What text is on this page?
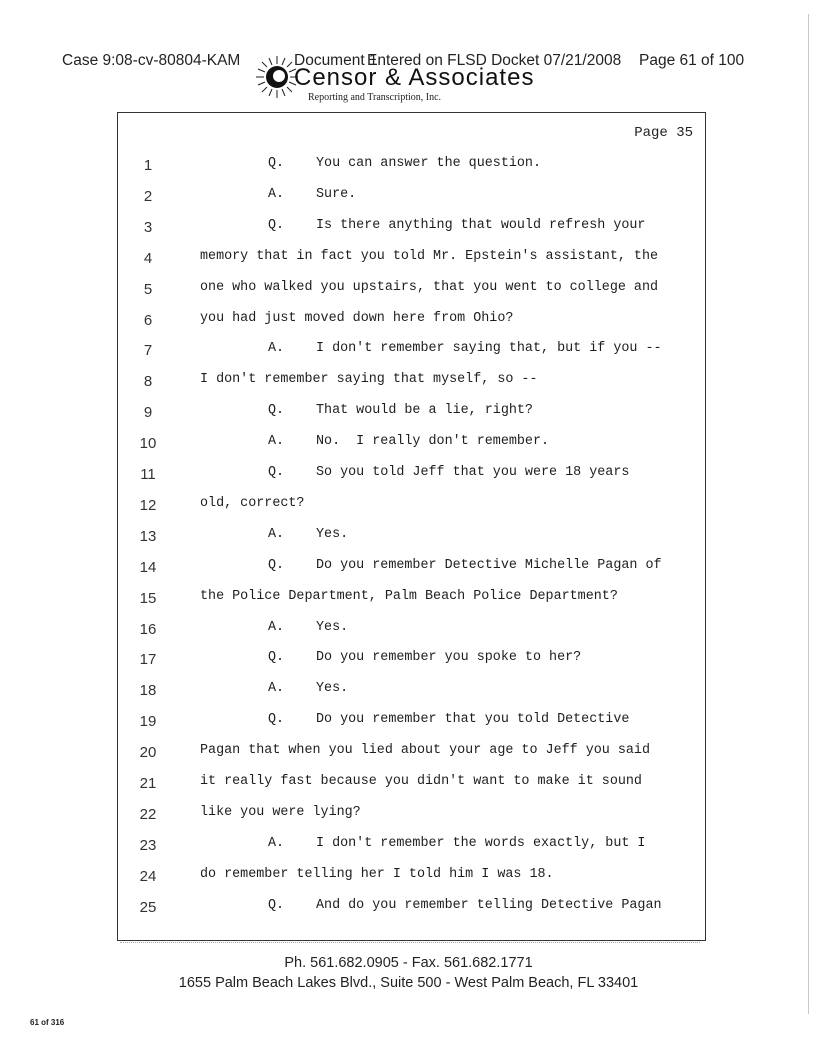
Case 9:08-cv-80804-KAM	Document 1
Entered on FLSD Docket 07/21/2008 Page 61 of 100
Censor & Associates
Reporting and Transcription, Inc.
Page 35
1	Q. You can answer the question.
2	A. Sure.
3	Q. Is there anything that would refresh your
4	memory that in fact you told Mr. Epstein's assistant, the
5	one who walked you upstairs, that you went to college and
6	you had just moved down here from Ohio?
7	A. I don't remember saying that, but if you --
8	I don't remember saying that myself, so --
9	Q. That would be a lie, right?
10	A. No.  I really don't remember.
11	Q. So you told Jeff that you were 18 years
12	old, correct?
13	A. Yes.
14	Q. Do you remember Detective Michelle Pagan of
15	the Police Department, Palm Beach Police Department?
16	A. Yes.
17	Q. Do you remember you spoke to her?
18	A. Yes.
19	Q. Do you remember that you told Detective
20	Pagan that when you lied about your age to Jeff you said
21	it really fast because you didn't want to make it sound
22	like you were lying?
23	A. I don't remember the words exactly, but I
24	do remember telling her I told him I was 18.
25	Q. And do you remember telling Detective Pagan
Ph. 561.682.0905 - Fax. 561.682.1771
1655 Palm Beach Lakes Blvd., Suite 500 - West Palm Beach, FL 33401
61 of 316
